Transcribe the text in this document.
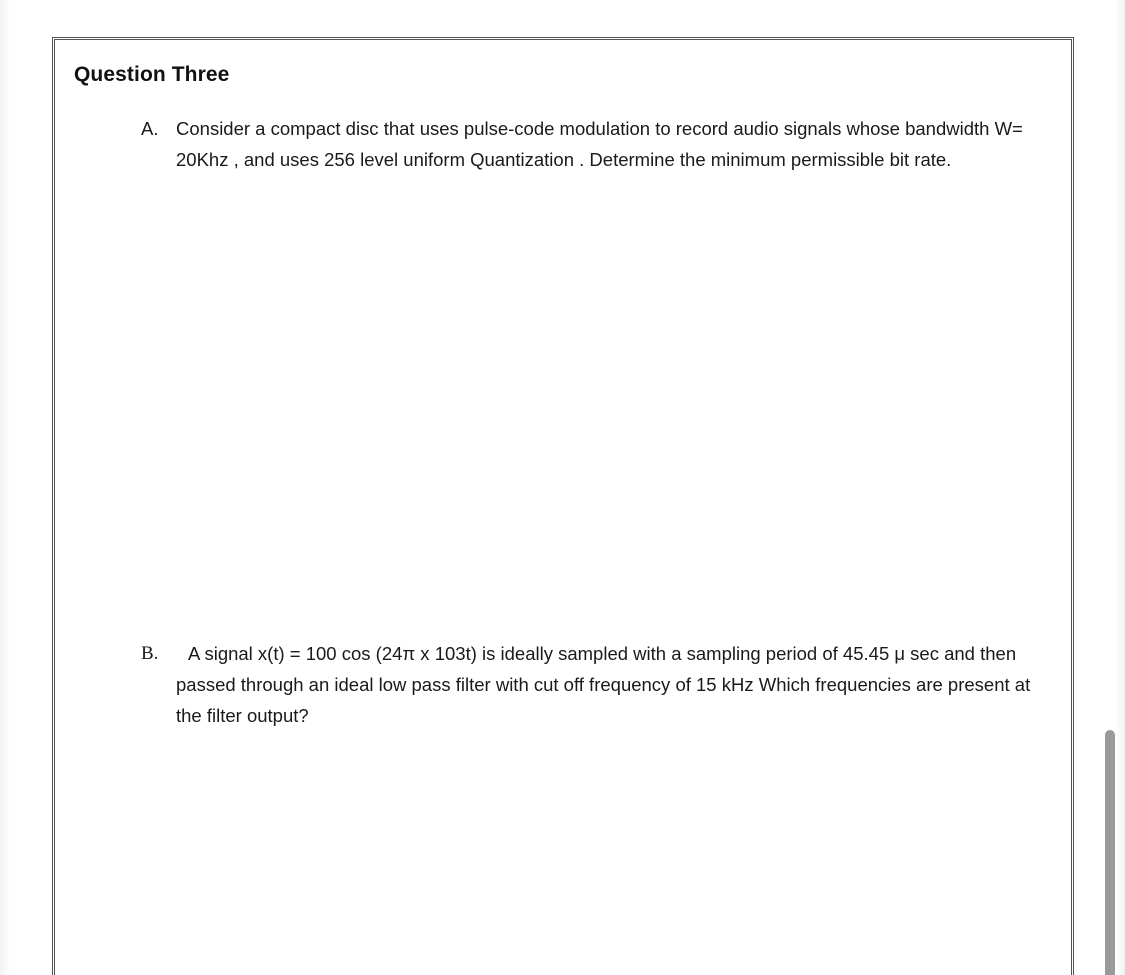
Question Three
A. Consider a compact disc that uses pulse-code modulation to record audio signals whose bandwidth W= 20Khz , and uses 256 level uniform Quantization . Determine the minimum permissible bit rate.
B.	A signal x(t) = 100 cos (24π x 103t) is ideally sampled with a sampling period of 45.45 μ sec and then passed through an ideal low pass filter with cut off frequency of 15 kHz Which frequencies are present at the filter output?
